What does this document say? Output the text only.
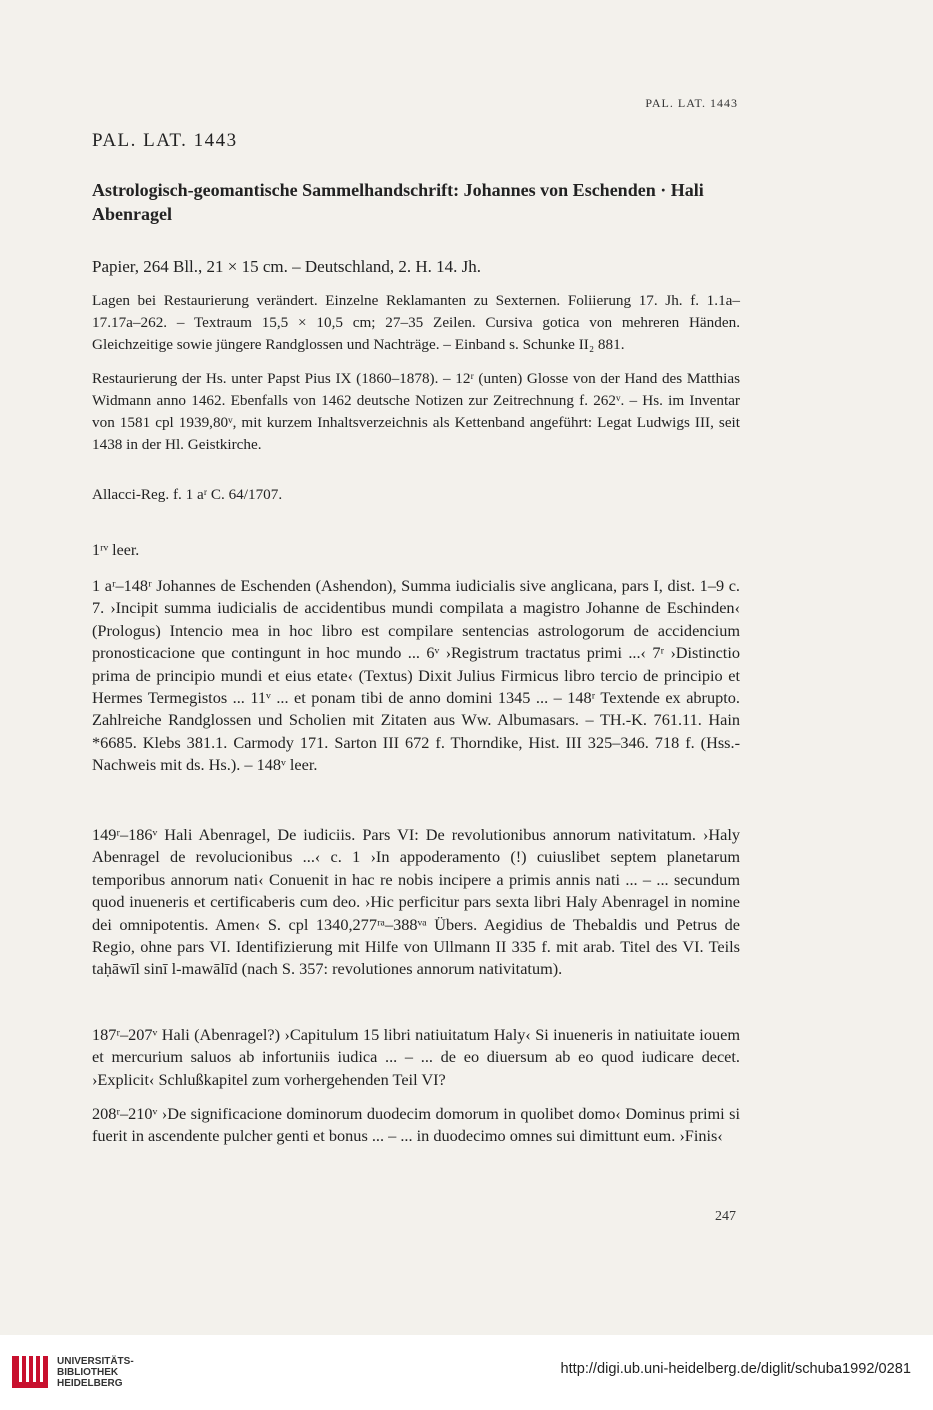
PAL. LAT. 1443
PAL. LAT. 1443
Astrologisch-geomantische Sammelhandschrift: Johannes von Eschenden · Hali Abenragel
Papier, 264 Bll., 21 × 15 cm. – Deutschland, 2. H. 14. Jh.
Lagen bei Restaurierung verändert. Einzelne Reklamanten zu Sexternen. Foliierung 17. Jh. f. 1.1a–17.17a–262. – Textraum 15,5 × 10,5 cm; 27–35 Zeilen. Cursiva gotica von mehreren Händen. Gleichzeitige sowie jüngere Randglossen und Nachträge. – Einband s. Schunke II₂ 881.
Restaurierung der Hs. unter Papst Pius IX (1860–1878). – 12ʳ (unten) Glosse von der Hand des Matthias Widmann anno 1462. Ebenfalls von 1462 deutsche Notizen zur Zeitrechnung f. 262ᵛ. – Hs. im Inventar von 1581 cpl 1939,80ᵛ, mit kurzem Inhaltsverzeichnis als Kettenband angeführt: Legat Ludwigs III, seit 1438 in der Hl. Geistkirche.
Allacci-Reg. f. 1 aʳ C. 64/1707.
1ʳᵛ leer.
1 aʳ–148ʳ Johannes de Eschenden (Ashendon), Summa iudicialis sive anglicana, pars I, dist. 1–9 c. 7. ›Incipit summa iudicialis de accidentibus mundi compilata a magistro Johanne de Eschinden‹ (Prologus) Intencio mea in hoc libro est compilare sentencias astrologorum de accidencium pronosticacione que contingunt in hoc mundo ... 6ᵛ ›Registrum tractatus primi ...‹ 7ʳ ›Distinctio prima de principio mundi et eius etate‹ (Textus) Dixit Julius Firmicus libro tercio de principio et Hermes Termegistos ... 11ᵛ ... et ponam tibi de anno domini 1345 ... – 148ʳ Textende ex abrupto. Zahlreiche Randglossen und Scholien mit Zitaten aus Ww. Albumasars. – TH.-K. 761.11. Hain *6685. Klebs 381.1. Carmody 171. Sarton III 672 f. Thorndike, Hist. III 325–346. 718 f. (Hss.-Nachweis mit ds. Hs.). – 148ᵛ leer.
149ʳ–186ᵛ Hali Abenragel, De iudiciis. Pars VI: De revolutionibus annorum nativitatum. ›Haly Abenragel de revolucionibus ...‹ c. 1 ›In appoderamento (!) cuiuslibet septem planetarum temporibus annorum nati‹ Conuenit in hac re nobis incipere a primis annis nati ... – ... secundum quod inueneris et certificaberis cum deo. ›Hic perficitur pars sexta libri Haly Abenragel in nomine dei omnipotentis. Amen‹ S. cpl 1340,277ʳᵃ–388ᵛᵃ Übers. Aegidius de Thebaldis und Petrus de Regio, ohne pars VI. Identifizierung mit Hilfe von Ullmann II 335 f. mit arab. Titel des VI. Teils taḥāwīl sinī l-mawālīd (nach S. 357: revolutiones annorum nativitatum).
187ʳ–207ᵛ Hali (Abenragel?) ›Capitulum 15 libri natiuitatum Haly‹ Si inueneris in natiuitate iouem et mercurium saluos ab infortuniis iudica ... – ... de eo diuersum ab eo quod iudicare decet. ›Explicit‹ Schlußkapitel zum vorhergehenden Teil VI?
208ʳ–210ᵛ ›De significacione dominorum duodecim domorum in quolibet domo‹ Dominus primi si fuerit in ascendente pulcher genti et bonus ... – ... in duodecimo omnes sui dimittunt eum. ›Finis‹
247
UNIVERSITÄTS-
BIBLIOTHEK
HEIDELBERG
http://digi.ub.uni-heidelberg.de/diglit/schuba1992/0281
